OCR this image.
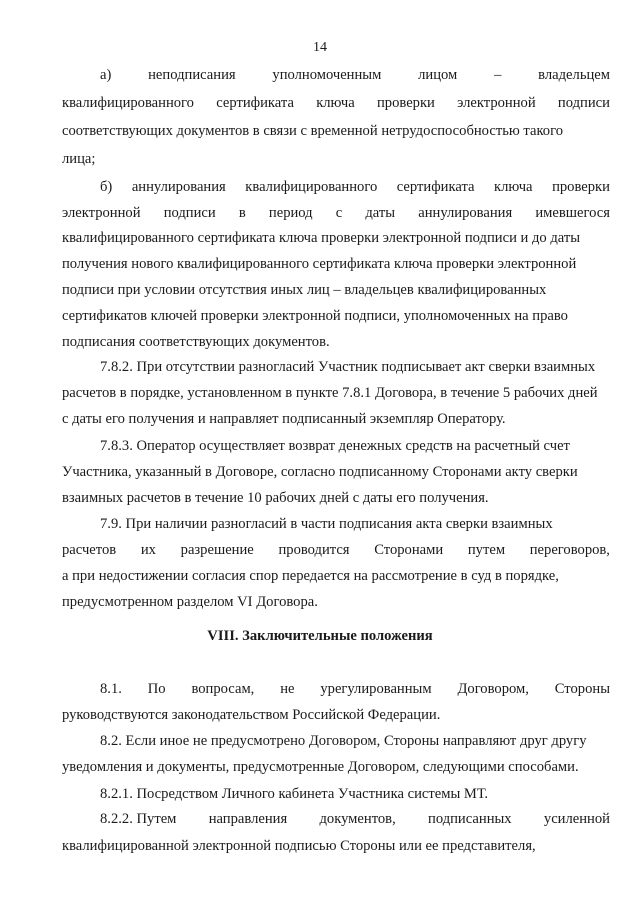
14
а)	неподписания	уполномоченным	лицом	–	владельцем
квалифицированного сертификата ключа проверки электронной подписи
соответствующих документов в связи с временной нетрудоспособностью такого
лица;
б) аннулирования квалифицированного сертификата ключа проверки
электронной подписи в период с даты аннулирования имевшегося
квалифицированного сертификата ключа проверки электронной подписи и до даты
получения нового квалифицированного сертификата ключа проверки электронной
подписи при условии отсутствия иных лиц – владельцев квалифицированных
сертификатов ключей проверки электронной подписи, уполномоченных на право
подписания соответствующих документов.
7.8.2. При отсутствии разногласий Участник подписывает акт сверки взаимных
расчетов в порядке, установленном в пункте 7.8.1 Договора, в течение 5 рабочих дней
с даты его получения и направляет подписанный экземпляр Оператору.
7.8.3. Оператор осуществляет возврат денежных средств на расчетный счет
Участника, указанный в Договоре, согласно подписанному Сторонами акту сверки
взаимных расчетов в течение 10 рабочих дней с даты его получения.
7.9. При наличии разногласий в части подписания акта сверки взаимных
расчетов их разрешение проводится Сторонами путем переговоров,
а при недостижении согласия спор передается на рассмотрение в суд в порядке,
предусмотренном разделом VI Договора.
8.1. По вопросам, не урегулированным Договором, Стороны
руководствуются законодательством Российской Федерации.
8.2. Если иное не предусмотрено Договором, Стороны направляют друг другу
уведомления и документы, предусмотренные Договором, следующими способами.
8.2.1. Посредством Личного кабинета Участника системы МТ.
8.2.2. Путем направления документов, подписанных усиленной
квалифицированной электронной подписью Стороны или ее представителя,
VIII. Заключительные положения
